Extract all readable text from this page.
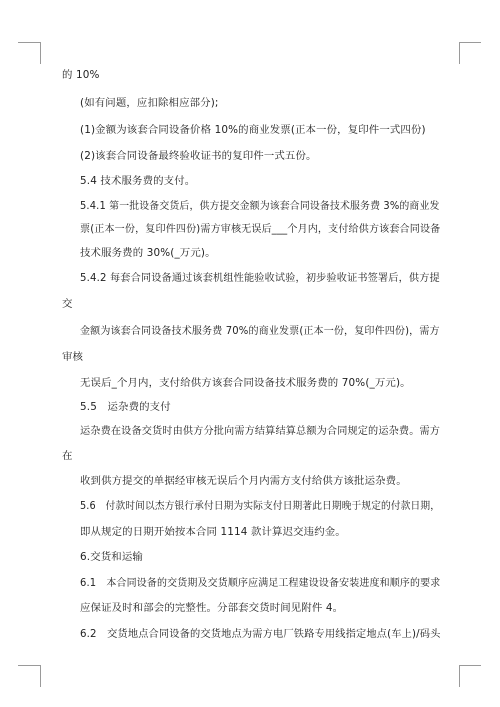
的 10%
(如有问题，应扣除相应部分);
(1)金额为该套合同设备价格 10%的商业发票(正本一份，复印件一式四份)
(2)该套合同设备最终验收证书的复印件一式五份。
5.4 技术服务费的支付。
5.4.1 第一批设备交货后，供方提交金额为该套合同设备技术服务费 3%的商业发
票(正本一份，复印件四份)需方审核无误后___个月内，支付给供方该套合同设备
技术服务费的 30%(_万元)。
5.4.2 每套合同设备通过该套机组性能验收试验，初步验收证书签署后，供方提
交
金额为该套合同设备技术服务费 70%的商业发票(正本一份，复印件四份)，需方
审核
无误后_个月内，支付给供方该套合同设备技术服务费的 70%(_万元)。
5.5　运杂费的支付
运杂费在设备交货时由供方分批向需方结算结算总额为合同规定的运杂费。需方
在
收到供方提交的单据经审核无误后个月内需方支付给供方该批运杂费。
5.6　付款时间以杰方银行承付日期为实际支付日期著此日期晚于规定的付款日期，
即从规定的日期开始按本合同 1114 款计算迟交违约金。
6.交货和运输
6.1　本合同设备的交货期及交货顺序应满足工程建设设备安装进度和顺序的要求
应保证及时和部会的完整性。分部套交货时间见附件 4。
6.2　交货地点合同设备的交货地点为需方电厂铁路专用线指定地点(车上)/码头
